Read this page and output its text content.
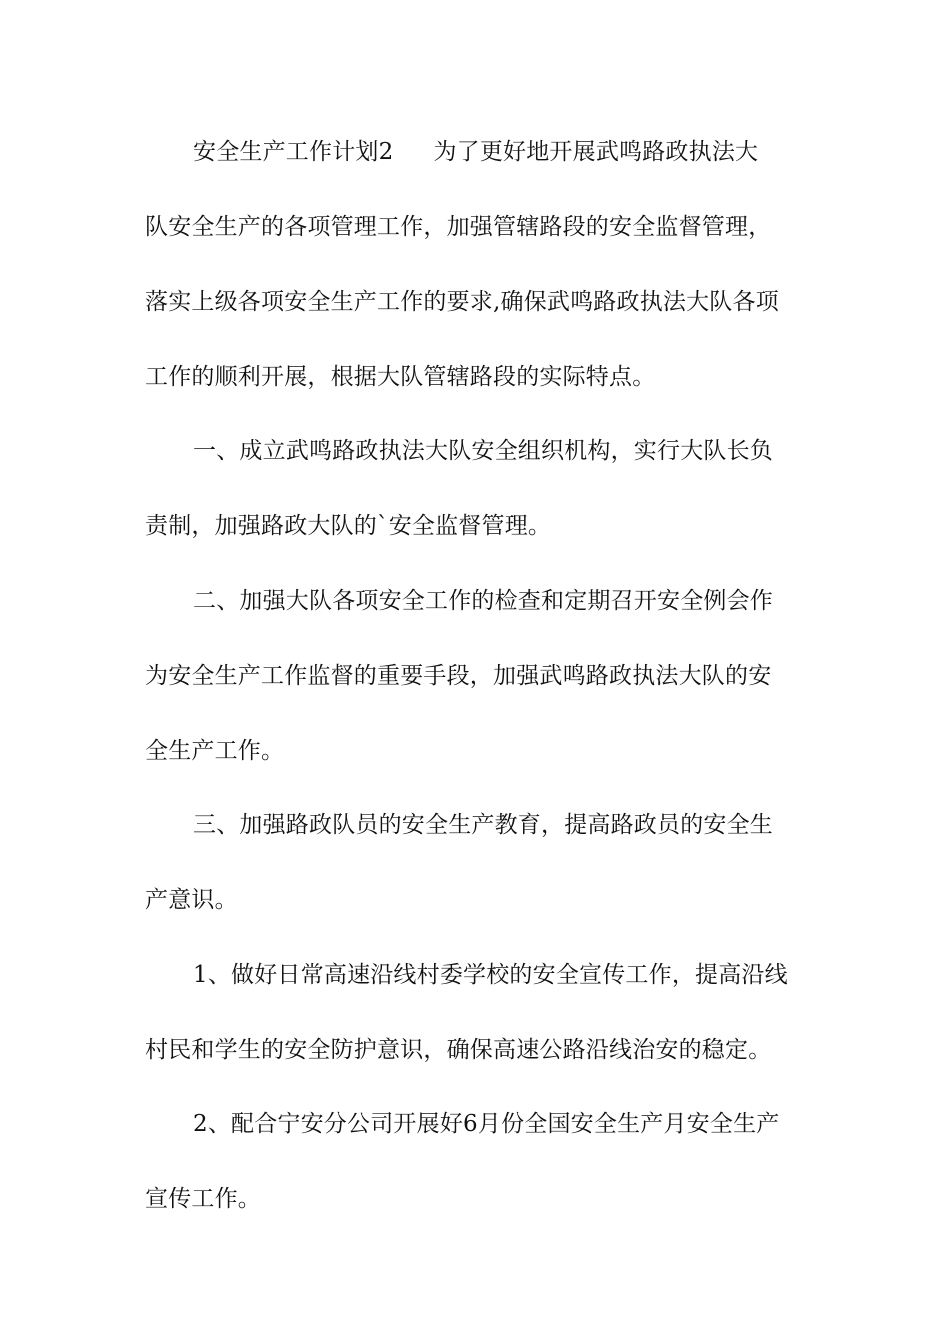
安全生产工作计划2 为了更好地开展武鸣路政执法大
队安全生产的各项管理工作，加强管辖路段的安全监督管理，
落实上级各项安全生产工作的要求,确保武鸣路政执法大队各项
工作的顺利开展，根据大队管辖路段的实际特点。
一、成立武鸣路政执法大队安全组织机构，实行大队长负
责制，加强路政大队的`安全监督管理。
二、加强大队各项安全工作的检查和定期召开安全例会作
为安全生产工作监督的重要手段，加强武鸣路政执法大队的安
全生产工作。
三、加强路政队员的安全生产教育，提高路政员的安全生
产意识。
1、做好日常高速沿线村委学校的安全宣传工作，提高沿线
村民和学生的安全防护意识，确保高速公路沿线治安的稳定。
2、配合宁安分公司开展好6月份全国安全生产月安全生产
宣传工作。
